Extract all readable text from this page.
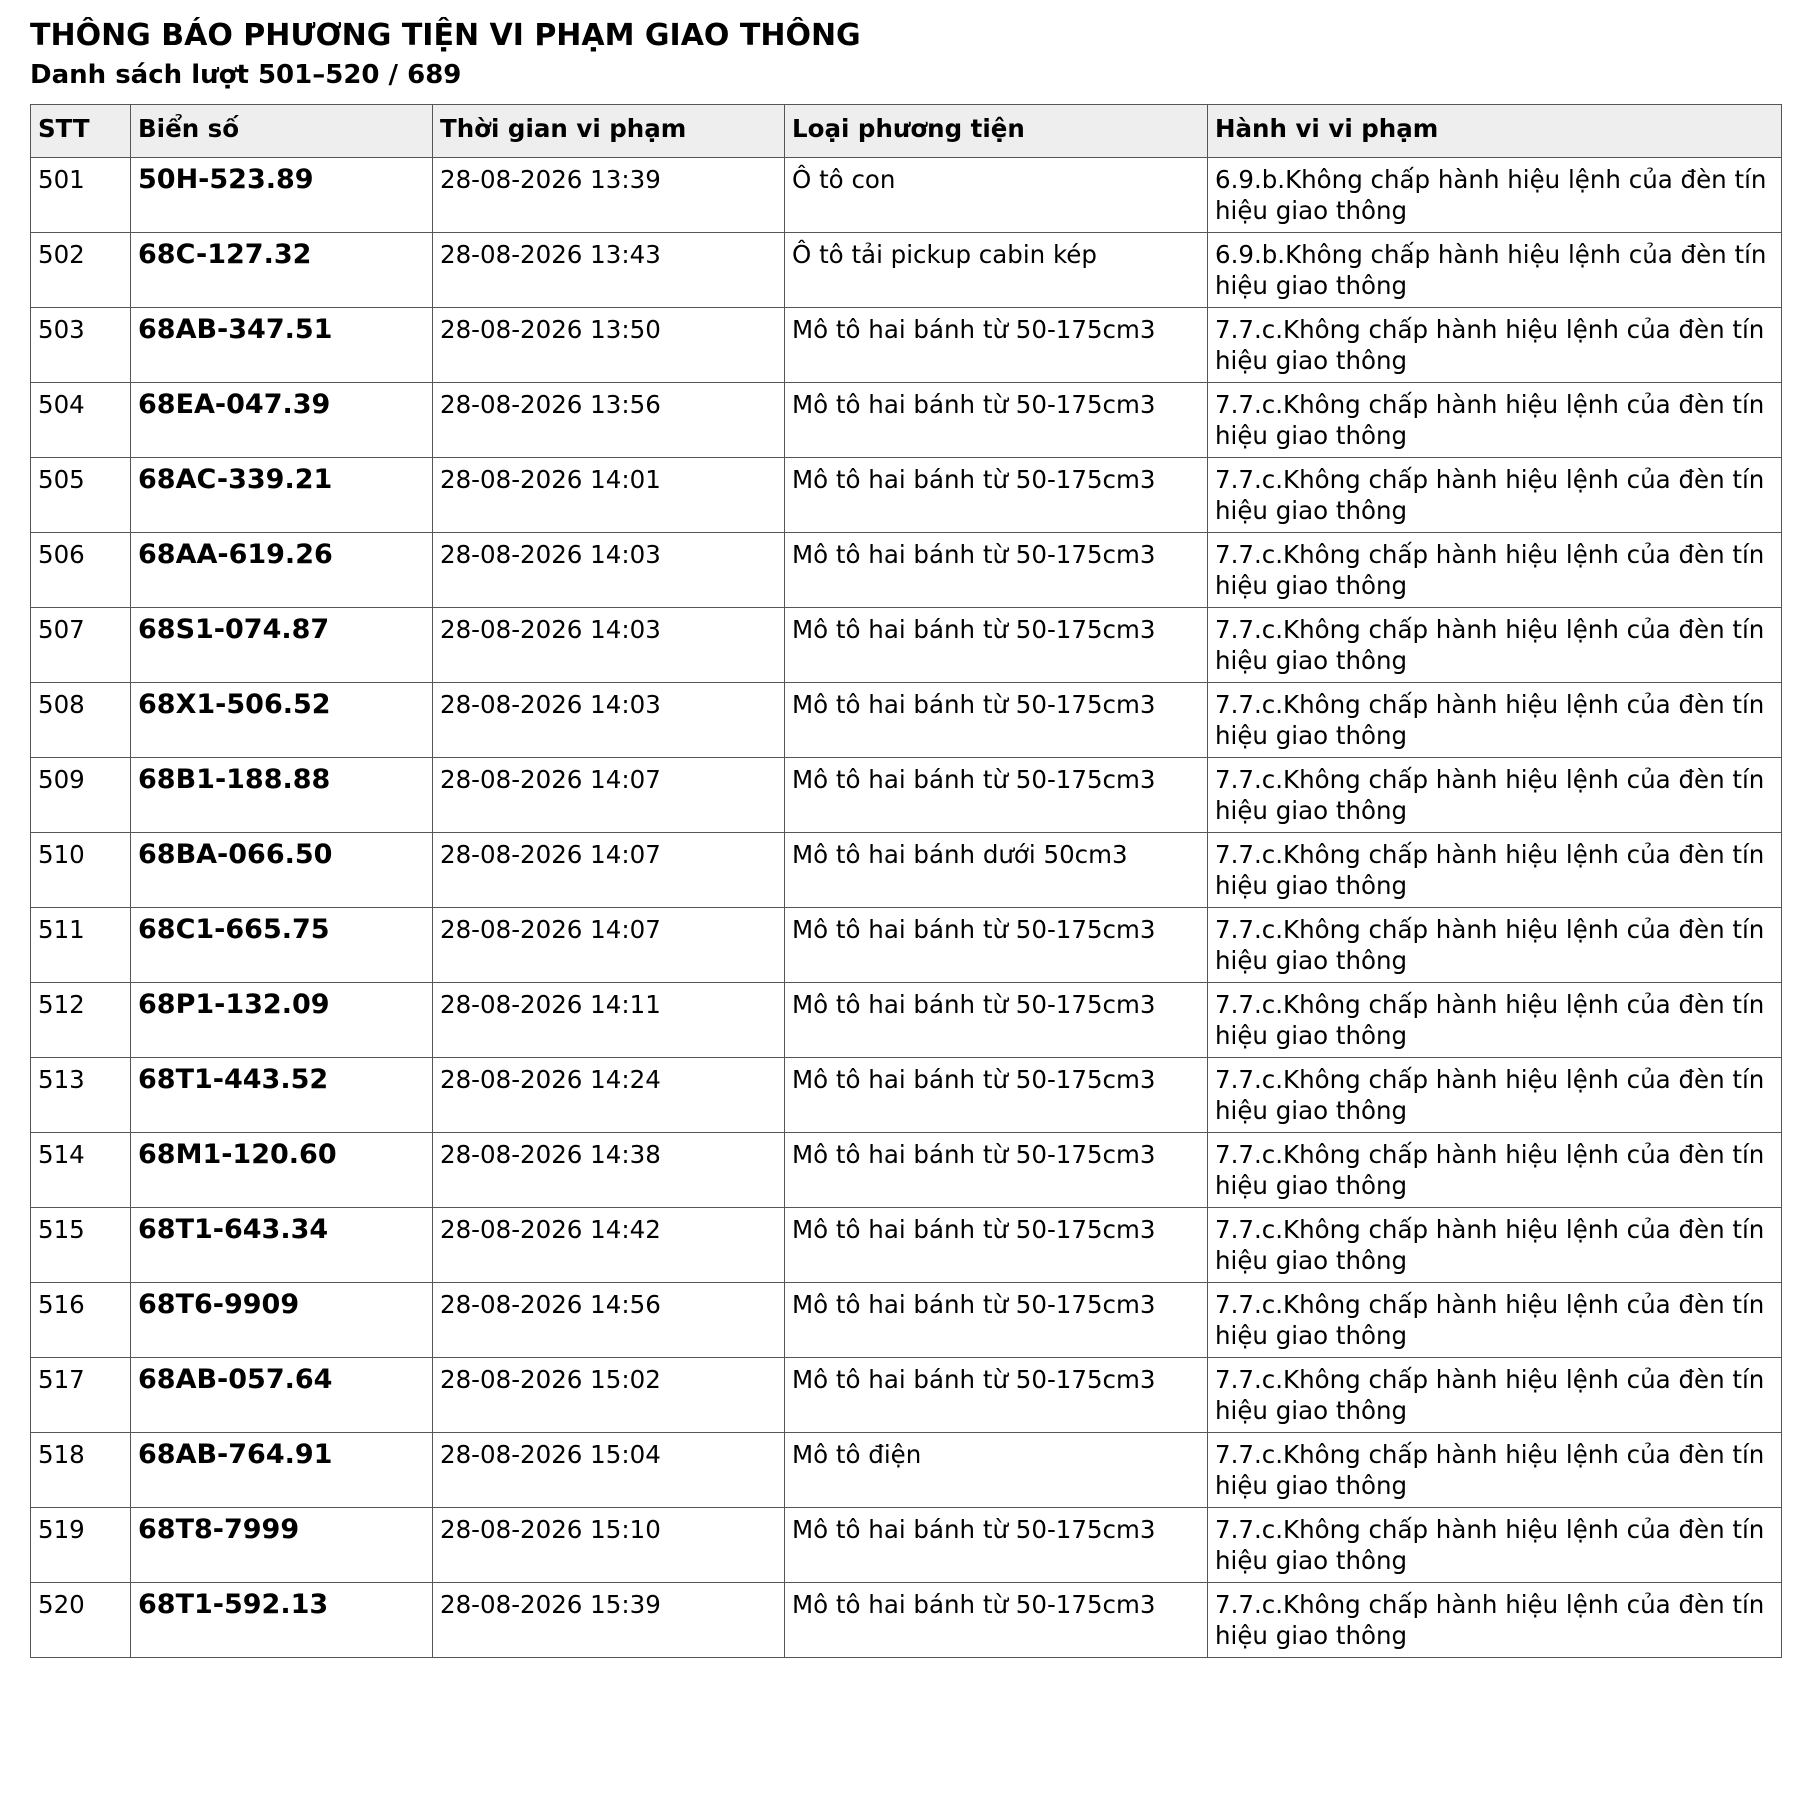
THÔNG BÁO PHƯƠNG TIỆN VI PHẠM GIAO THÔNG
Danh sách lượt 501–520 / 689
STT	Biển số	Thời gian vi phạm	Loại phương tiện	Hành vi vi phạm
501	50H-523.89	28-08-2026 13:39	Ô tô con	6.9.b.Không chấp hành hiệu lệnh của đèn tín hiệu giao thông
502	68C-127.32	28-08-2026 13:43	Ô tô tải pickup cabin kép	6.9.b.Không chấp hành hiệu lệnh của đèn tín hiệu giao thông
503	68AB-347.51	28-08-2026 13:50	Mô tô hai bánh từ 50-175cm3	7.7.c.Không chấp hành hiệu lệnh của đèn tín hiệu giao thông
504	68EA-047.39	28-08-2026 13:56	Mô tô hai bánh từ 50-175cm3	7.7.c.Không chấp hành hiệu lệnh của đèn tín hiệu giao thông
505	68AC-339.21	28-08-2026 14:01	Mô tô hai bánh từ 50-175cm3	7.7.c.Không chấp hành hiệu lệnh của đèn tín hiệu giao thông
506	68AA-619.26	28-08-2026 14:03	Mô tô hai bánh từ 50-175cm3	7.7.c.Không chấp hành hiệu lệnh của đèn tín hiệu giao thông
507	68S1-074.87	28-08-2026 14:03	Mô tô hai bánh từ 50-175cm3	7.7.c.Không chấp hành hiệu lệnh của đèn tín hiệu giao thông
508	68X1-506.52	28-08-2026 14:03	Mô tô hai bánh từ 50-175cm3	7.7.c.Không chấp hành hiệu lệnh của đèn tín hiệu giao thông
509	68B1-188.88	28-08-2026 14:07	Mô tô hai bánh từ 50-175cm3	7.7.c.Không chấp hành hiệu lệnh của đèn tín hiệu giao thông
510	68BA-066.50	28-08-2026 14:07	Mô tô hai bánh dưới 50cm3	7.7.c.Không chấp hành hiệu lệnh của đèn tín hiệu giao thông
511	68C1-665.75	28-08-2026 14:07	Mô tô hai bánh từ 50-175cm3	7.7.c.Không chấp hành hiệu lệnh của đèn tín hiệu giao thông
512	68P1-132.09	28-08-2026 14:11	Mô tô hai bánh từ 50-175cm3	7.7.c.Không chấp hành hiệu lệnh của đèn tín hiệu giao thông
513	68T1-443.52	28-08-2026 14:24	Mô tô hai bánh từ 50-175cm3	7.7.c.Không chấp hành hiệu lệnh của đèn tín hiệu giao thông
514	68M1-120.60	28-08-2026 14:38	Mô tô hai bánh từ 50-175cm3	7.7.c.Không chấp hành hiệu lệnh của đèn tín hiệu giao thông
515	68T1-643.34	28-08-2026 14:42	Mô tô hai bánh từ 50-175cm3	7.7.c.Không chấp hành hiệu lệnh của đèn tín hiệu giao thông
516	68T6-9909	28-08-2026 14:56	Mô tô hai bánh từ 50-175cm3	7.7.c.Không chấp hành hiệu lệnh của đèn tín hiệu giao thông
517	68AB-057.64	28-08-2026 15:02	Mô tô hai bánh từ 50-175cm3	7.7.c.Không chấp hành hiệu lệnh của đèn tín hiệu giao thông
518	68AB-764.91	28-08-2026 15:04	Mô tô điện	7.7.c.Không chấp hành hiệu lệnh của đèn tín hiệu giao thông
519	68T8-7999	28-08-2026 15:10	Mô tô hai bánh từ 50-175cm3	7.7.c.Không chấp hành hiệu lệnh của đèn tín hiệu giao thông
520	68T1-592.13	28-08-2026 15:39	Mô tô hai bánh từ 50-175cm3	7.7.c.Không chấp hành hiệu lệnh của đèn tín hiệu giao thông
